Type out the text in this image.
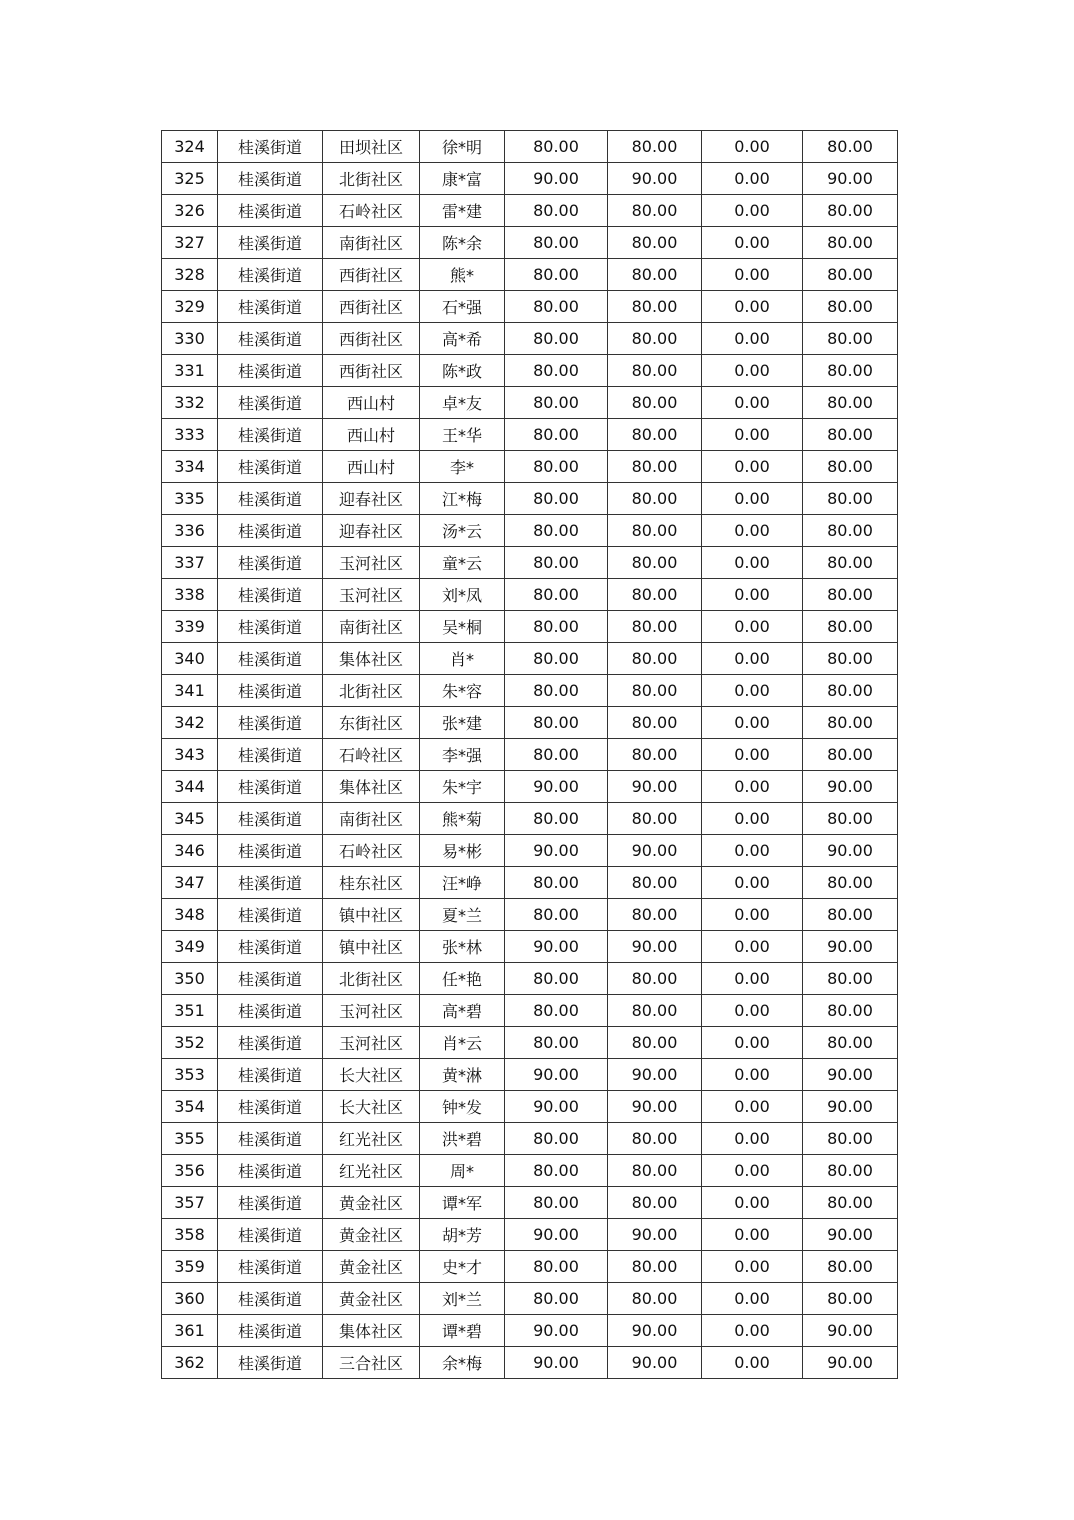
324	桂溪街道	田坝社区	徐*明	80.00	80.00	0.00	80.00
325	桂溪街道	北街社区	康*富	90.00	90.00	0.00	90.00
326	桂溪街道	石岭社区	雷*建	80.00	80.00	0.00	80.00
327	桂溪街道	南街社区	陈*余	80.00	80.00	0.00	80.00
328	桂溪街道	西街社区	熊*	80.00	80.00	0.00	80.00
329	桂溪街道	西街社区	石*强	80.00	80.00	0.00	80.00
330	桂溪街道	西街社区	高*希	80.00	80.00	0.00	80.00
331	桂溪街道	西街社区	陈*政	80.00	80.00	0.00	80.00
332	桂溪街道	西山村	卓*友	80.00	80.00	0.00	80.00
333	桂溪街道	西山村	王*华	80.00	80.00	0.00	80.00
334	桂溪街道	西山村	李*	80.00	80.00	0.00	80.00
335	桂溪街道	迎春社区	江*梅	80.00	80.00	0.00	80.00
336	桂溪街道	迎春社区	汤*云	80.00	80.00	0.00	80.00
337	桂溪街道	玉河社区	童*云	80.00	80.00	0.00	80.00
338	桂溪街道	玉河社区	刘*凤	80.00	80.00	0.00	80.00
339	桂溪街道	南街社区	吴*桐	80.00	80.00	0.00	80.00
340	桂溪街道	集体社区	肖*	80.00	80.00	0.00	80.00
341	桂溪街道	北街社区	朱*容	80.00	80.00	0.00	80.00
342	桂溪街道	东街社区	张*建	80.00	80.00	0.00	80.00
343	桂溪街道	石岭社区	李*强	80.00	80.00	0.00	80.00
344	桂溪街道	集体社区	朱*宇	90.00	90.00	0.00	90.00
345	桂溪街道	南街社区	熊*菊	80.00	80.00	0.00	80.00
346	桂溪街道	石岭社区	易*彬	90.00	90.00	0.00	90.00
347	桂溪街道	桂东社区	汪*峥	80.00	80.00	0.00	80.00
348	桂溪街道	镇中社区	夏*兰	80.00	80.00	0.00	80.00
349	桂溪街道	镇中社区	张*林	90.00	90.00	0.00	90.00
350	桂溪街道	北街社区	任*艳	80.00	80.00	0.00	80.00
351	桂溪街道	玉河社区	高*碧	80.00	80.00	0.00	80.00
352	桂溪街道	玉河社区	肖*云	80.00	80.00	0.00	80.00
353	桂溪街道	长大社区	黄*淋	90.00	90.00	0.00	90.00
354	桂溪街道	长大社区	钟*发	90.00	90.00	0.00	90.00
355	桂溪街道	红光社区	洪*碧	80.00	80.00	0.00	80.00
356	桂溪街道	红光社区	周*	80.00	80.00	0.00	80.00
357	桂溪街道	黄金社区	谭*军	80.00	80.00	0.00	80.00
358	桂溪街道	黄金社区	胡*芳	90.00	90.00	0.00	90.00
359	桂溪街道	黄金社区	史*才	80.00	80.00	0.00	80.00
360	桂溪街道	黄金社区	刘*兰	80.00	80.00	0.00	80.00
361	桂溪街道	集体社区	谭*碧	90.00	90.00	0.00	90.00
362	桂溪街道	三合社区	余*梅	90.00	90.00	0.00	90.00
